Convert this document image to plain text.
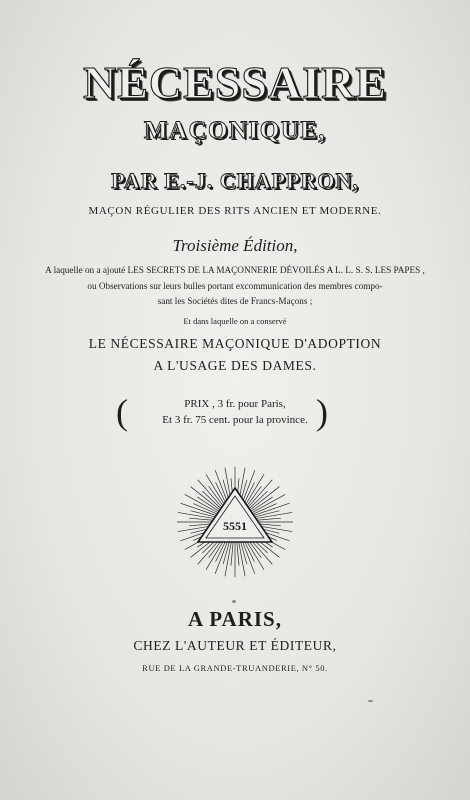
NÉCESSAIRE
MAÇONIQUE,
PAR E.-J. CHAPPRON,
MAÇON RÉGULIER DES RITS ANCIEN ET MODERNE.
Troisième Édition,
A laquelle on a ajouté LES SECRETS DE LA MAÇONNERIE DÉVOILÉS A L. L. S. S. LES PAPES ,
ou Observations sur leurs bulles portant excommunication des membres compo-
sant les Sociétés dites de Francs-Maçons ;
Et dans laquelle on a conservé
LE NÉCESSAIRE MAÇONIQUE D'ADOPTION
A L'USAGE DES DAMES.
(	PRIX , 3 fr. pour Paris,
Et 3 fr. 75 cent. pour la province. )
5551
A PARIS,
CHEZ L'AUTEUR ET ÉDITEUR,
RUE DE LA GRANDE-TRUANDERIE, N° 50.
